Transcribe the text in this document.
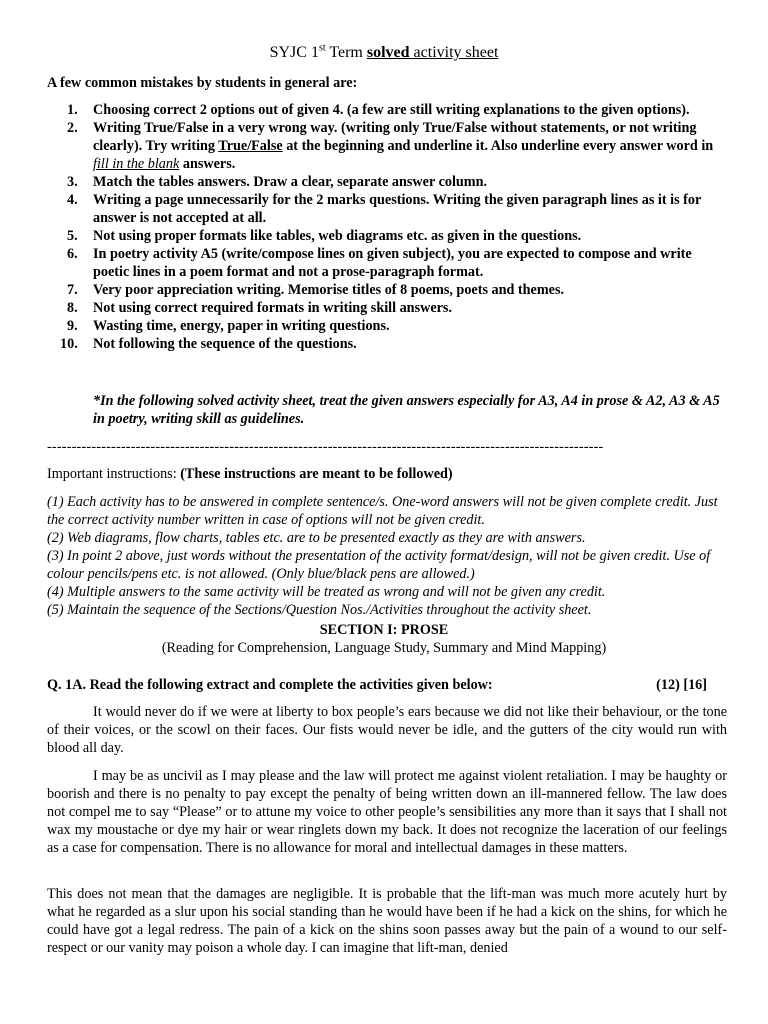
SYJC 1st Term solved activity sheet
A few common mistakes by students in general are:
1. Choosing correct 2 options out of given 4. (a few are still writing explanations to the given options).
2. Writing True/False in a very wrong way. (writing only True/False without statements, or not writing clearly). Try writing True/False at the beginning and underline it. Also underline every answer word in fill in the blank answers.
3. Match the tables answers. Draw a clear, separate answer column.
4. Writing a page unnecessarily for the 2 marks questions. Writing the given paragraph lines as it is for answer is not accepted at all.
5. Not using proper formats like tables, web diagrams etc. as given in the questions.
6. In poetry activity A5 (write/compose lines on given subject), you are expected to compose and write poetic lines in a poem format and not a prose-paragraph format.
7. Very poor appreciation writing. Memorise titles of 8 poems, poets and themes.
8. Not using correct required formats in writing skill answers.
9. Wasting time, energy, paper in writing questions.
10. Not following the sequence of the questions.
*In the following solved activity sheet, treat the given answers especially for A3, A4 in prose & A2, A3 & A5 in poetry, writing skill as guidelines.
-----------------------------------------------------------------------------------------------------------------
Important instructions: (These instructions are meant to be followed)

(1) Each activity has to be answered in complete sentence/s. One-word answers will not be given complete credit. Just the correct activity number written in case of options will not be given credit.

(2) Web diagrams, flow charts, tables etc. are to be presented exactly as they are with answers.

(3) In point 2 above, just words without the presentation of the activity format/design, will not be given credit. Use of colour pencils/pens etc. is not allowed. (Only blue/black pens are allowed.)

(4) Multiple answers to the same activity will be treated as wrong and will not be given any credit.

(5) Maintain the sequence of the Sections/Question Nos./Activities throughout the activity sheet.

SECTION I: PROSE
(Reading for Comprehension, Language Study, Summary and Mind Mapping)
Q. 1A. Read the following extract and complete the activities given below:	(12) [16]

It would never do if we were at liberty to box people’s ears because we did not like their behaviour, or the tone of their voices, or the scowl on their faces. Our fists would never be idle, and the gutters of the city would run with blood all day.

I may be as uncivil as I may please and the law will protect me against violent retaliation. I may be haughty or boorish and there is no penalty to pay except the penalty of being written down an ill-mannered fellow. The law does not compel me to say “Please” or to attune my voice to other people’s sensibilities any more than it says that I shall not wax my moustache or dye my hair or wear ringlets down my back. It does not recognize the laceration of our feelings as a case for compensation. There is no allowance for moral and intellectual damages in these matters.

This does not mean that the damages are negligible. It is probable that the lift-man was much more acutely hurt by what he regarded as a slur upon his social standing than he would have been if he had a kick on the shins, for which he could have got a legal redress. The pain of a kick on the shins soon passes away but the pain of a wound to our self-respect or our vanity may poison a whole day. I can imagine that lift-man, denied
